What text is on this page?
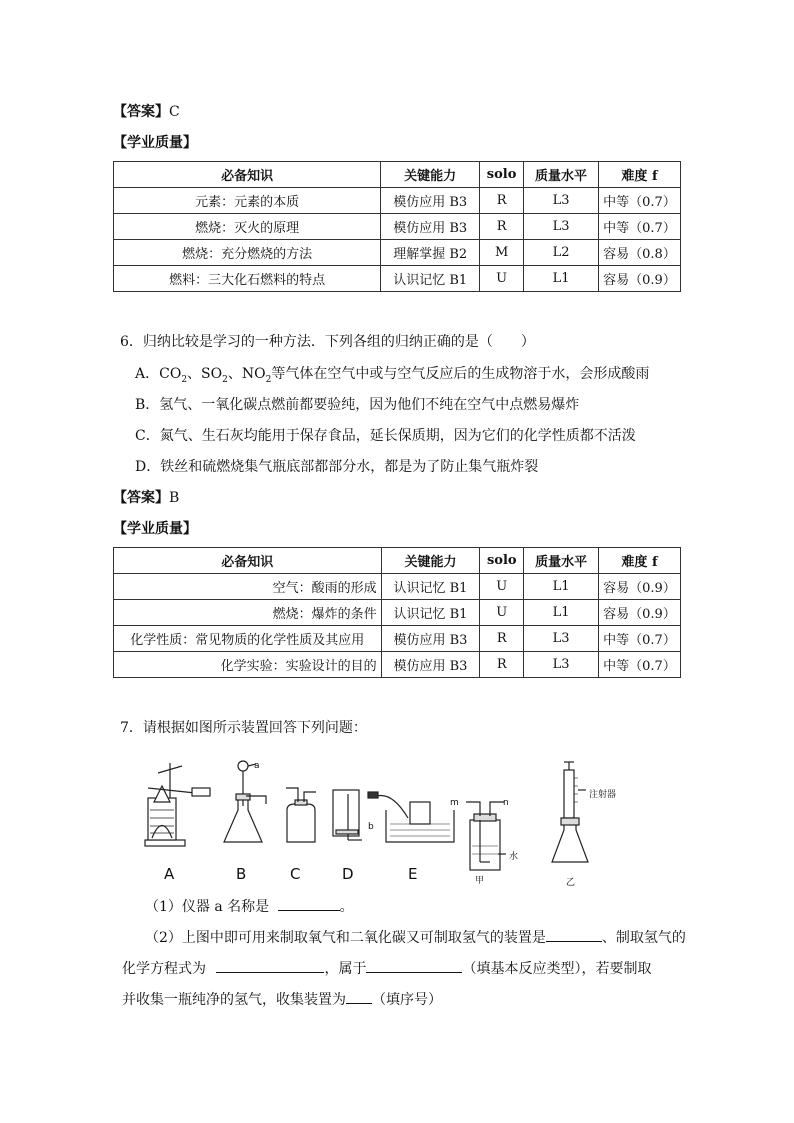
【答案】C
【学业质量】
必备知识	关键能力	solo	质量水平	难度 f
元素：元素的本质	模仿应用 B3	R	L3	中等（0.7）
燃烧：灭火的原理	模仿应用 B3	R	L3	中等（0.7）
燃烧：充分燃烧的方法	理解掌握 B2	M	L2	容易（0.8）
燃料：三大化石燃料的特点	认识记忆 B1	U	L1	容易（0.9）
6．归纳比较是学习的一种方法．下列各组的归纳正确的是（　　）
A．$CO_2$、$SO_2$、$NO_2$等气体在空气中或与空气反应后的生成物溶于水，会形成酸雨
B．氢气、一氧化碳点燃前都要验纯，因为他们不纯在空气中点燃易爆炸
C．氮气、生石灰均能用于保存食品，延长保质期，因为它们的化学性质都不活泼
D．铁丝和硫燃烧集气瓶底部都部分水，都是为了防止集气瓶炸裂
【答案】B
【学业质量】
必备知识	关键能力	solo	质量水平	难度 f
空气：酸雨的形成	认识记忆 B1	U	L1	容易（0.9）
燃烧：爆炸的条件	认识记忆 B1	U	L1	容易（0.9）
化学性质：常见物质的化学性质及其应用	模仿应用 B3	R	L3	中等（0.7）
化学实验：实验设计的目的	模仿应用 B3	R	L3	中等（0.7）
7．请根据如图所示装置回答下列问题：
a
b
m	n
水
甲
注射器
乙
A	B	C	D	E
（1）仪器 a 名称是	。
（2）上图中即可用来制取氧气和二氧化碳又可制取氢气的装置是	、制取氢气的
化学方程式为	，属于	（填基本反应类型），若要制取
并收集一瓶纯净的氢气，收集装置为 （填序号）
